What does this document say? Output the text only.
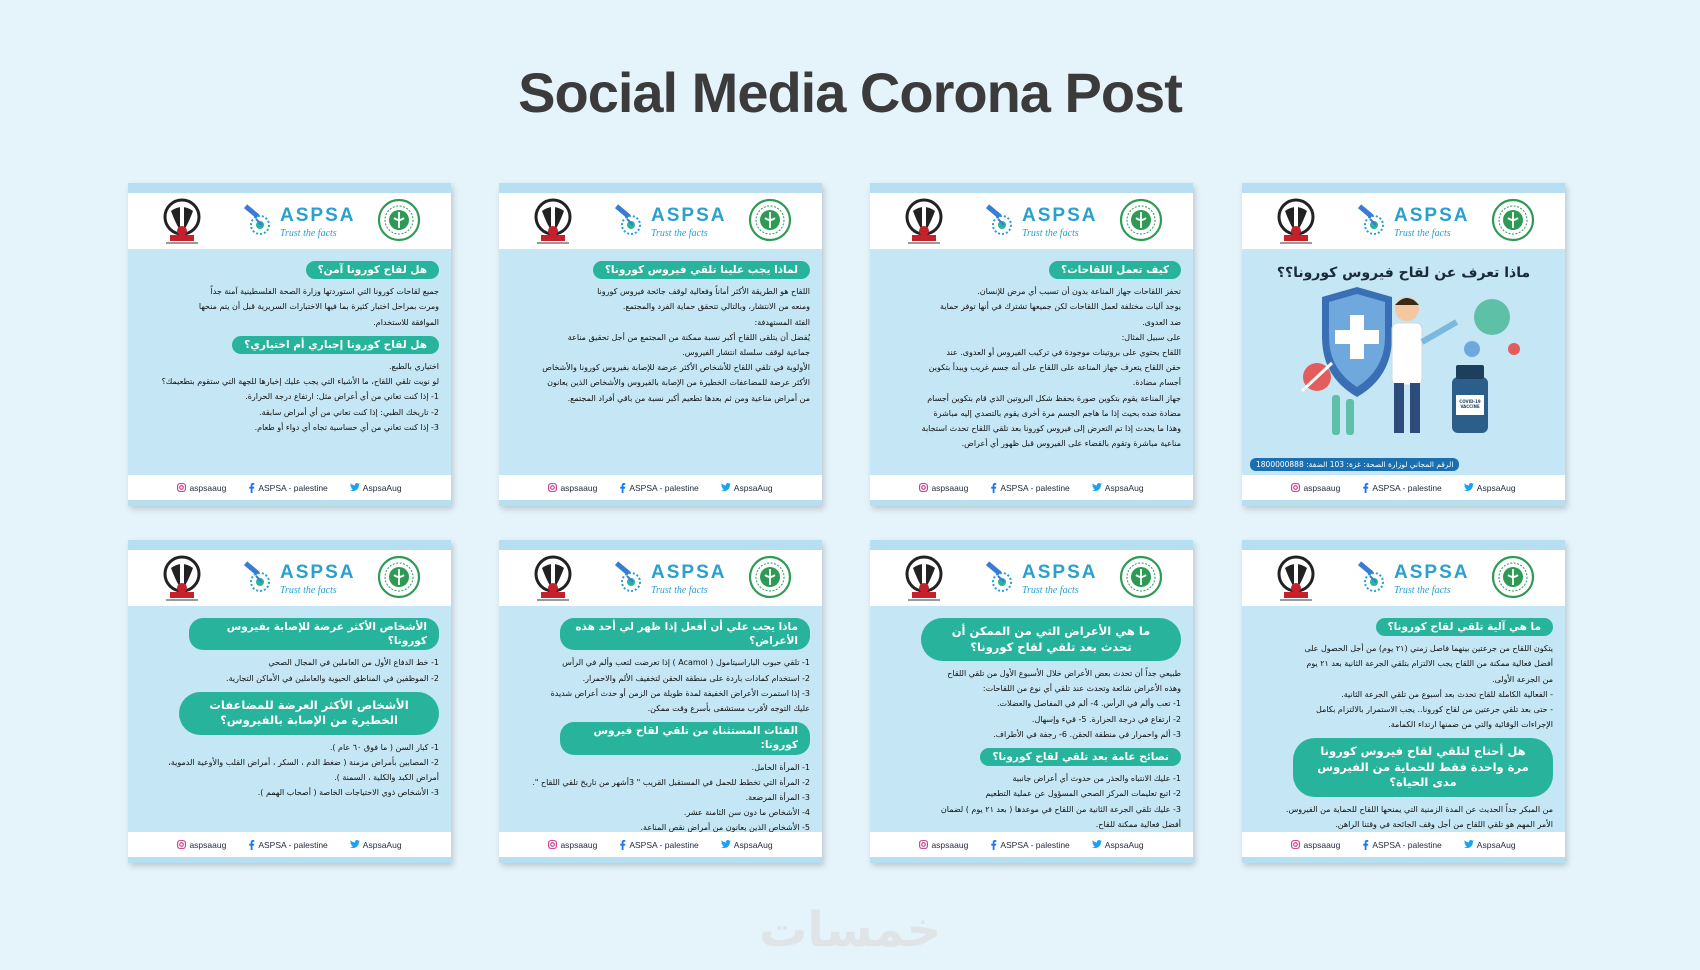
Social Media Corona Post
ASPSA
Trust the facts
هل لقاح كورونا آمن؟
جميع لقاحات كورونا التي استوردتها وزارة الصحة الفلسطينية آمنة جداً
ومرت بمراحل اختبار كثيرة بما فيها الاختبارات السريرية قبل أن يتم منحها
الموافقة للاستخدام.
هل لقاح كورونا إجباري أم اختياري؟
اختياري بالطبع.
لو نويت تلقي اللقاح، ما الأشياء التي يجب عليك إخبارها للجهة التي ستقوم بتطعيمك؟
1- إذا كنت تعاني من أي أعراض مثل: ارتفاع درجة الحرارة.
2- تاريخك الطبي: إذا كنت تعاني من أي أمراض سابقة.
3- إذا كنت تعاني من أي حساسية تجاه أي دواء أو طعام.
aspsaaug	ASPSA - palestine	AspsaAug
ASPSA
Trust the facts
لماذا يجب علينا تلقي فيروس كورونا؟
اللقاح هو الطريقة الأكثر أماناً وفعالية لوقف جائحة فيروس كورونا
ومنعه من الانتشار، وبالتالي تتحقق حماية الفرد والمجتمع.
الفئة المستهدفة:
يُفضل أن يتلقى اللقاح أكبر نسبة ممكنة من المجتمع من أجل تحقيق مناعة
جماعية لوقف سلسلة انتشار الفيروس.
الأولوية في تلقي اللقاح للأشخاص الأكثر عرضة للإصابة بفيروس كورونا والأشخاص
الأكثر عرضة للمضاعفات الخطيرة من الإصابة بالفيروس والأشخاص الذين يعانون
من أمراض مناعية ومن ثم بعدها تطعيم أكبر نسبة من باقي أفراد المجتمع.
aspsaaug	ASPSA - palestine	AspsaAug
ASPSA
Trust the facts
كيف تعمل اللقاحات؟
تحفز اللقاحات جهاز المناعة بدون أن تسبب أي مرض للإنسان.
يوجد آليات مختلفة لعمل اللقاحات لكن جميعها تشترك في أنها توفر حماية
ضد العدوى.
على سبيل المثال:
اللقاح يحتوي على بروتينات موجودة في تركيب الفيروس أو العدوى. عند
حقن اللقاح يتعرف جهاز المناعة على اللقاح على أنه جسم غريب ويبدأ بتكوين
أجسام مضادة.
جهاز المناعة يقوم بتكوين صورة بحفظ شكل البروتين الذي قام بتكوين أجسام
مضادة ضده بحيث إذا ما هاجم الجسم مرة أخرى يقوم بالتصدي إليه مباشرة
وهذا ما يحدث إذا تم التعرض إلى فيروس كورونا بعد تلقي اللقاح تحدث استجابة
مناعية مباشرة وتقوم بالقضاء على الفيروس قبل ظهور أي أعراض.
aspsaaug	ASPSA - palestine	AspsaAug
ASPSA
Trust the facts
ماذا تعرف عن لقاح فيروس كورونا؟؟
COVID-19 VACCINE
الرقم المجاني لوزارة الصحة: غزة: 103 الضفة: 1800000888
aspsaaug	ASPSA - palestine	AspsaAug
ASPSA
Trust the facts
الأشخاص الأكثر عرضة للإصابة بفيروس كورونا؟
1- خط الدفاع الأول من العاملين في المجال الصحي
2- الموظفين في المناطق الحيوية والعاملين في الأماكن التجارية.
الأشخاص الأكثر العرضة للمضاعفات الخطيرة من الإصابة بالفيروس؟
1- كبار السن ( ما فوق ٦٠ عام ).
2- المصابين بأمراض مزمنة ( ضغط الدم ، السكر ، أمراض القلب والأوعية الدموية،
أمراض الكبد والكلية ، السمنة ).
3- الأشخاص ذوي الاحتياجات الخاصة ( أصحاب الهمم ).
aspsaaug	ASPSA - palestine	AspsaAug
ASPSA
Trust the facts
ماذا يجب علي أن أفعل إذا ظهر لي أحد هذه الأعراض؟
1- تلقي حبوب الباراسيتامول ( Acamol ) إذا تعرضت لتعب وألم في الرأس
2- استخدام كمادات باردة على منطقة الحقن لتخفيف الألم والاحمرار.
3- إذا استمرت الأعراض الخفيفة لمدة طويلة من الزمن أو حدث أعراض شديدة
عليك التوجه لأقرب مستشفى بأسرع وقت ممكن.
الفئات المستثناة من تلقي لقاح فيروس كورونا:
1- المرأة الحامل.
2- المرأة التي تخطط للحمل في المستقبل القريب " 3أشهر من تاريخ تلقي اللقاح ".
3- المرأة المرضعة.
4- الأشخاص ما دون سن الثامنة عشر.
5- الأشخاص الذين يعانون من أمراض نقص المناعة.
aspsaaug	ASPSA - palestine	AspsaAug
ASPSA
Trust the facts
ما هي الأعراض التي من الممكن أن تحدث بعد تلقي لقاح كورونا؟
طبيعي جداً أن تحدث بعض الأعراض خلال الأسبوع الأول من تلقي اللقاح
وهذه الأعراض شائعة وتحدث عند تلقي أي نوع من اللقاحات:
1- تعب وألم في الرأس. 4- ألم في المفاصل والعضلات.
2- ارتفاع في درجة الحرارة. 5- قيء وإسهال.
3- ألم واحمرار في منطقة الحقن. 6- رجفة في الأطراف.
نصائح عامة بعد تلقي لقاح كورونا؟
1- عليك الانتباه والحذر من حدوث أي أعراض جانبية
2- اتبع تعليمات المركز الصحي المسؤول عن عملية التطعيم
3- عليك تلقي الجرعة الثانية من اللقاح في موعدها ( بعد ٢١ يوم ) لضمان
أفضل فعالية ممكنة للقاح.
aspsaaug	ASPSA - palestine	AspsaAug
ASPSA
Trust the facts
ما هي آلية تلقي لقاح كورونا؟
يتكون اللقاح من جرعتين بينهما فاصل زمني (٢١ يوم) من أجل الحصول على
أفضل فعالية ممكنة من اللقاح يجب الالتزام بتلقي الجرعة الثانية بعد ٢١ يوم
من الجرعة الأولى.
- الفعالية الكاملة للقاح تحدث بعد أسبوع من تلقي الجرعة الثانية.
- حتى بعد تلقي جرعتين من لقاح كورونا.. يجب الاستمرار بالالتزام بكامل
الإجراءات الوقائية والتي من ضمنها ارتداء الكمامة.
هل أحتاج لتلقي لقاح فيروس كورونا مرة واحدة فقط للحماية من الفيروس مدى الحياة؟
من المبكر جداً الحديث عن المدة الزمنية التي يمنحها اللقاح للحماية من الفيروس.
الأمر المهم هو تلقي اللقاح من أجل وقف الجائحة في وقتنا الراهن.
aspsaaug	ASPSA - palestine	AspsaAug
خمسات
